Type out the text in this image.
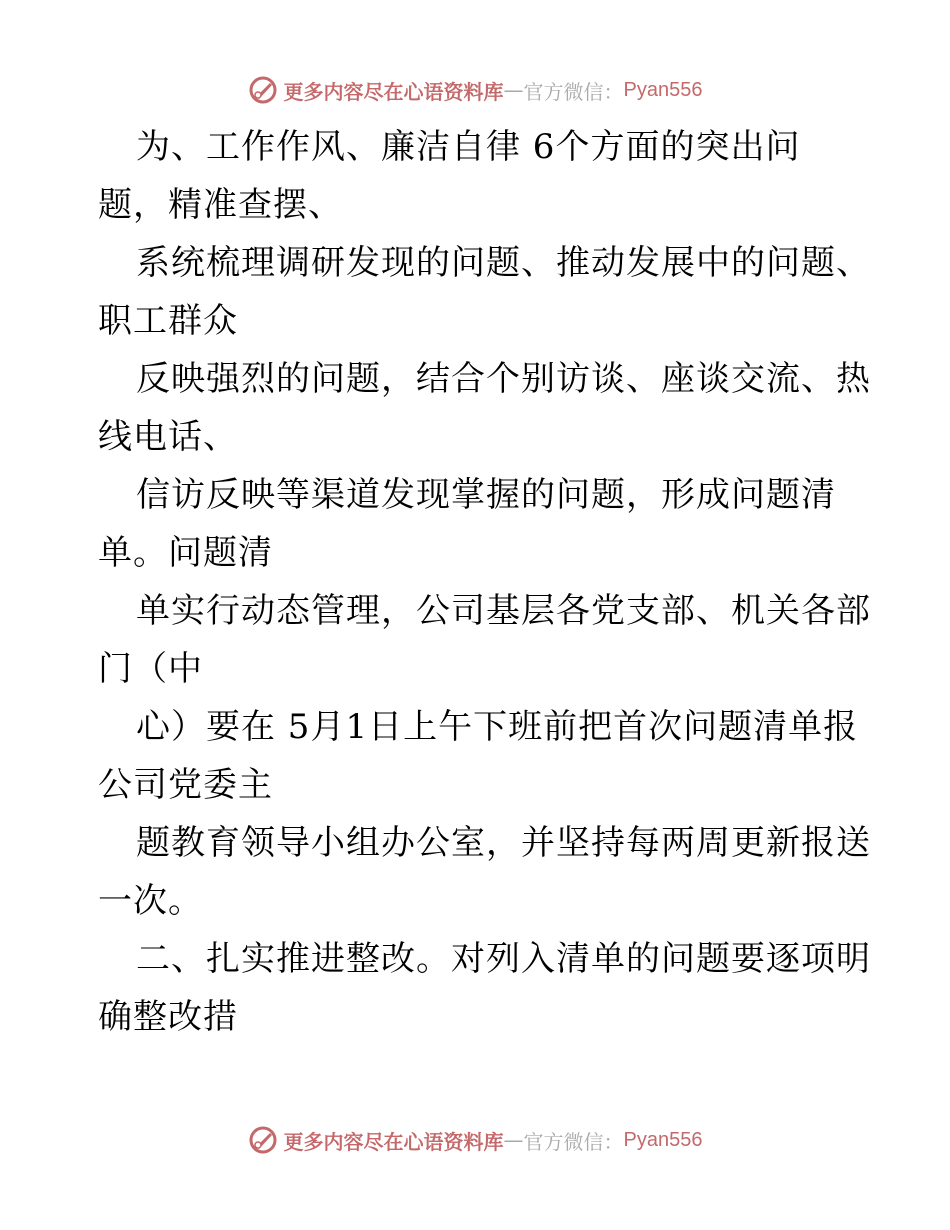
更多内容尽在心语资料库 — 官方微信： Pyan556
为、工作作风、廉洁自律 6个方面的突出问
题，精准查摆、
系统梳理调研发现的问题、推动发展中的问题、
职工群众
反映强烈的问题，结合个别访谈、座谈交流、热
线电话、
信访反映等渠道发现掌握的问题，形成问题清
单。问题清
单实行动态管理，公司基层各党支部、机关各部
门（中
心）要在 5月1日上午下班前把首次问题清单报
公司党委主
题教育领导小组办公室，并坚持每两周更新报送
一次。
二、扎实推进整改。对列入清单的问题要逐项明
确整改措
更多内容尽在心语资料库 — 官方微信： Pyan556
